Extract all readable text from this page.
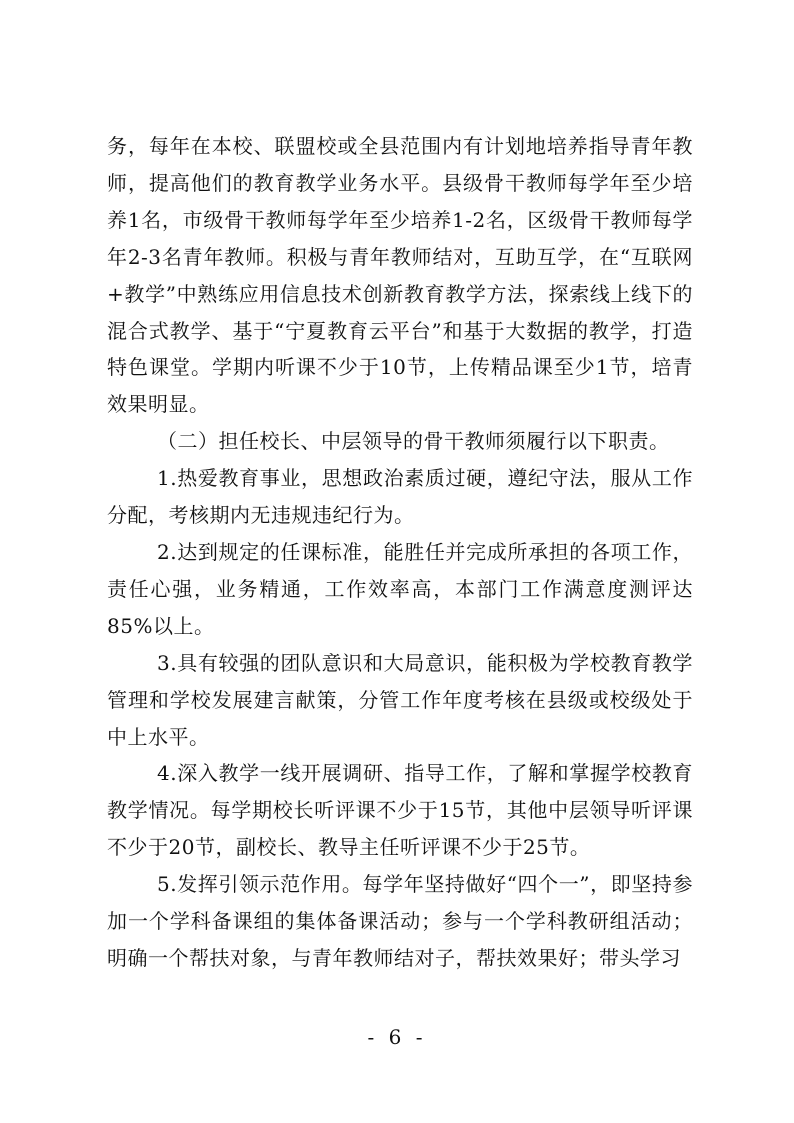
务，每年在本校、联盟校或全县范围内有计划地培养指导青年教师，提高他们的教育教学业务水平。县级骨干教师每学年至少培养1名，市级骨干教师每学年至少培养1-2名，区级骨干教师每学年2-3名青年教师。积极与青年教师结对，互助互学，在“互联网+教学”中熟练应用信息技术创新教育教学方法，探索线上线下的混合式教学、基于“宁夏教育云平台”和基于大数据的教学，打造特色课堂。学期内听课不少于10节，上传精品课至少1节，培青效果明显。

（二）担任校长、中层领导的骨干教师须履行以下职责。

1.热爱教育事业，思想政治素质过硬，遵纪守法，服从工作分配，考核期内无违规违纪行为。

2.达到规定的任课标准，能胜任并完成所承担的各项工作，责任心强，业务精通，工作效率高，本部门工作满意度测评达85%以上。

3.具有较强的团队意识和大局意识，能积极为学校教育教学管理和学校发展建言献策，分管工作年度考核在县级或校级处于中上水平。

4.深入教学一线开展调研、指导工作，了解和掌握学校教育教学情况。每学期校长听评课不少于15节，其他中层领导听评课不少于20节，副校长、教导主任听评课不少于25节。

5.发挥引领示范作用。每学年坚持做好“四个一”，即坚持参加一个学科备课组的集体备课活动；参与一个学科教研组活动；明确一个帮扶对象，与青年教师结对子，帮扶效果好；带头学习

- 6 -
